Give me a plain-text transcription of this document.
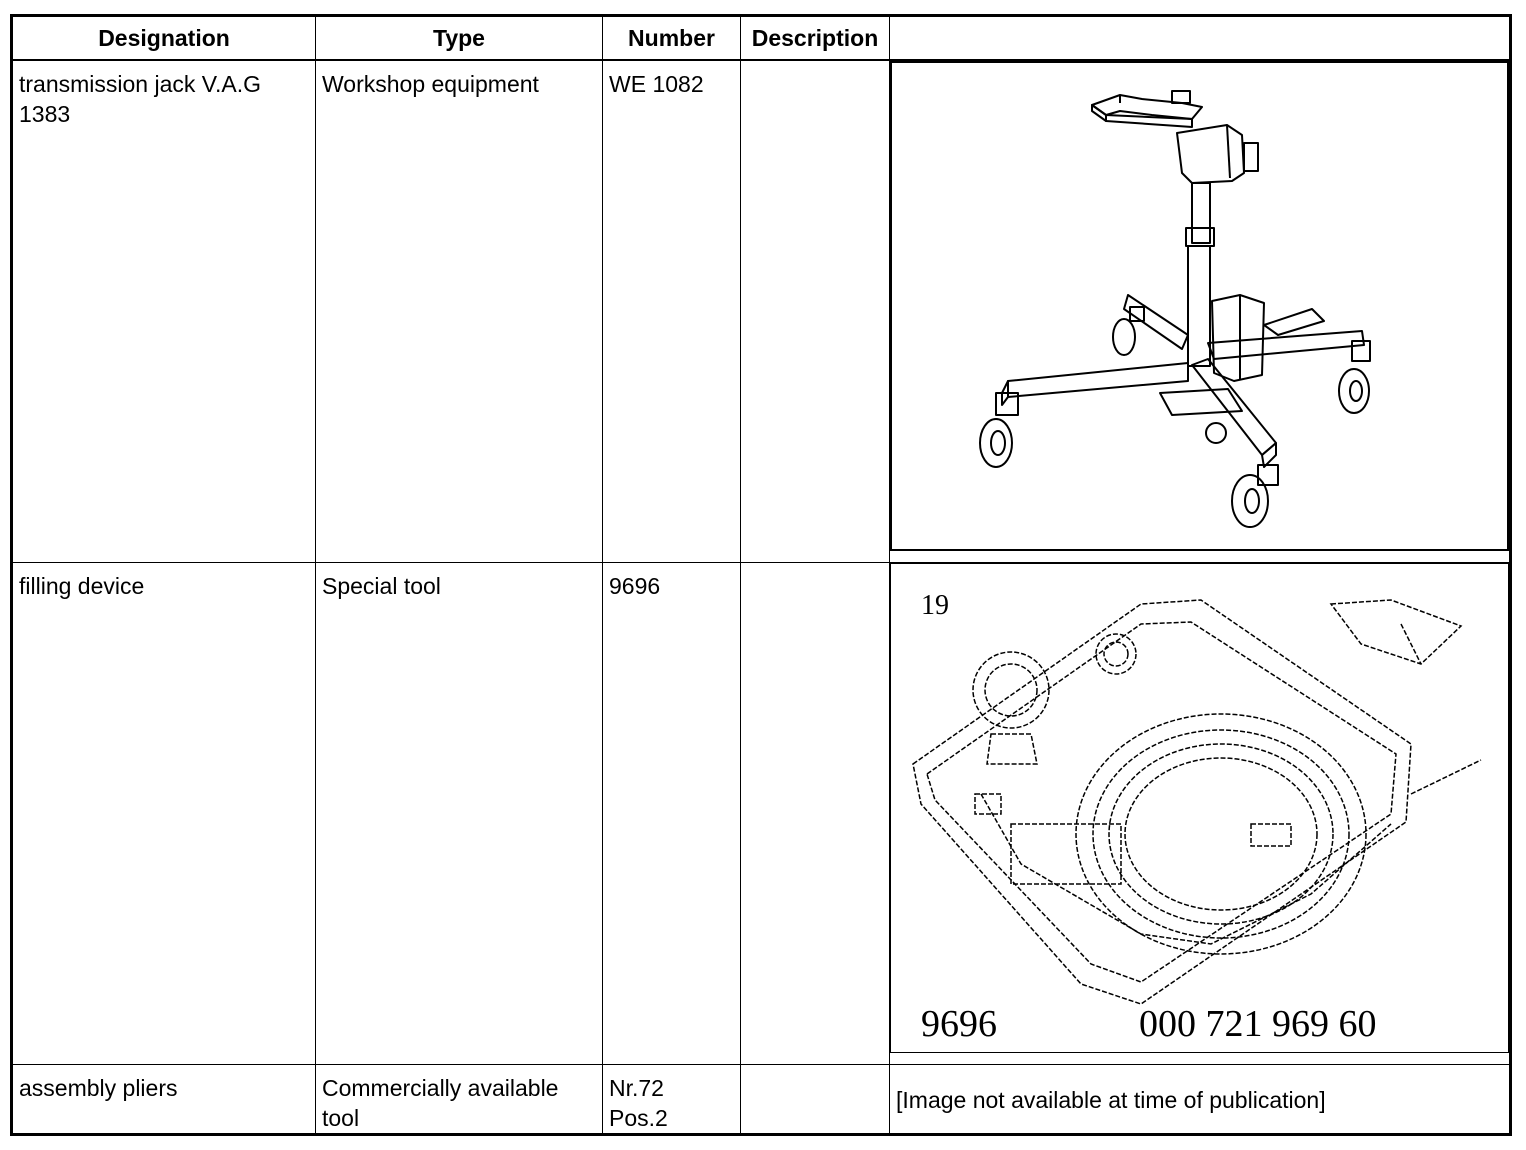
Designation	Type	Number	Description	

transmission jack V.A.G 1383	Workshop equipment	WE 1082

filling device	Special tool	9696		19
9696 000 721 969 60

assembly pliers	Commercially available tool	Nr.72
Pos.2		[Image not available at time of publication]
